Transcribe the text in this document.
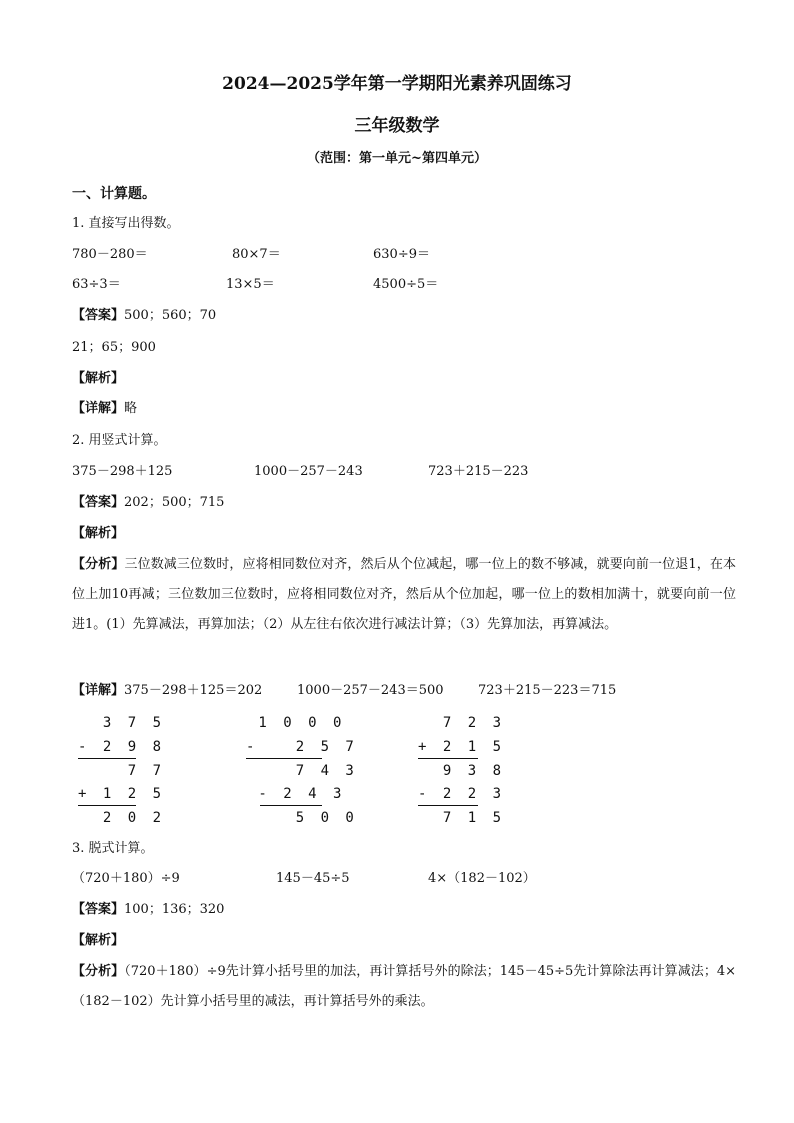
2024—2025学年第一学期阳光素养巩固练习
三年级数学
（范围：第一单元~第四单元）
一、计算题。
1. 直接写出得数。
780－280＝	80×7＝	630÷9＝
63÷3＝	13×5＝	4500÷5＝
【答案】500；560；70
21；65；900
【解析】
【详解】略
2. 用竖式计算。
375－298＋125	1000－257－243	723＋215－223
【答案】202；500；715
【解析】
【分析】三位数减三位数时，应将相同数位对齐，然后从个位减起，哪一位上的数不够减，就要向前一位退1，在本位上加10再减；三位数加三位数时，应将相同数位对齐，然后从个位加起，哪一位上的数相加满十，就要向前一位进1。(1）先算减法，再算加法；（2）从左往右依次进行减法计算；（3）先算加法，再算减法。
【详解】375－298＋125＝202	1000－257－243＝500	723＋215－223＝715
3 7 5
- 2 9 8
7 7
+ 1 2 5
2 0 2
1 0 0 0
-   2 5 7
7 4 3
- 2 4 3
5 0 0
7 2 3
+ 2 1 5
9 3 8
- 2 2 3
7 1 5
3. 脱式计算。
（720＋180）÷9	145－45÷5	4×（182－102）
【答案】100；136；320
【解析】
【分析】（720＋180）÷9先计算小括号里的加法，再计算括号外的除法；145－45÷5先计算除法再计算减法；4×（182－102）先计算小括号里的减法，再计算括号外的乘法。
